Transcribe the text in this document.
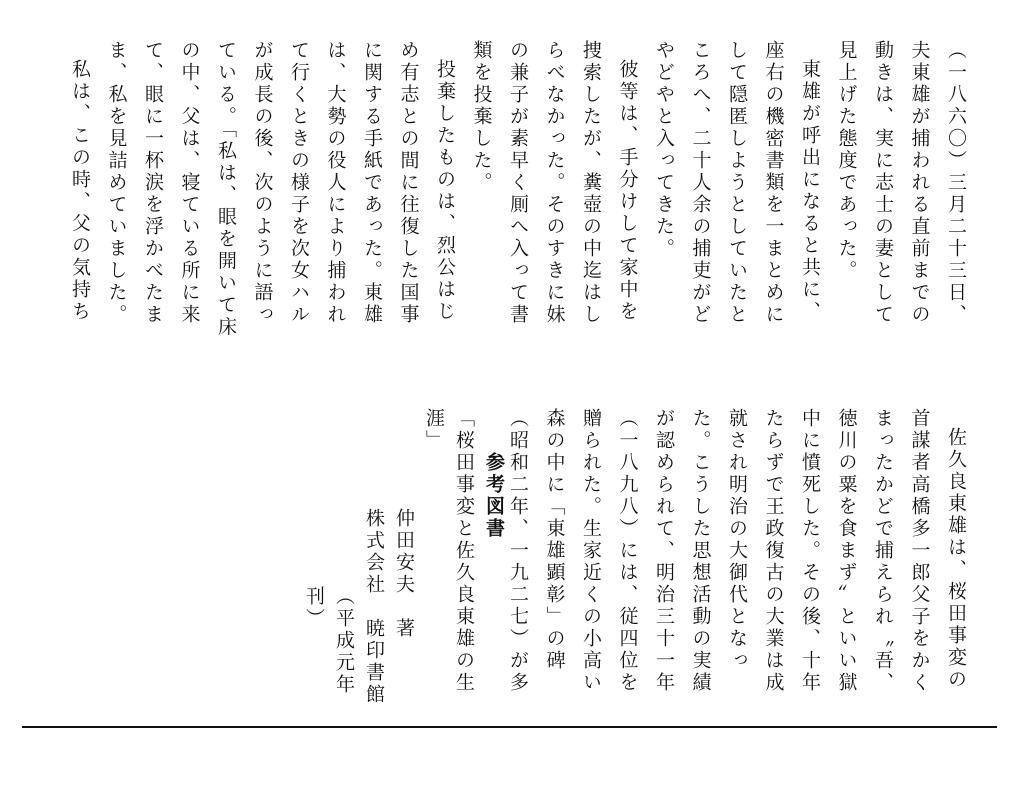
（一八六〇）三月二十三日、夫東雄が捕われる直前までの動きは、実に志士の妻として見上げた態度であった。
東雄が呼出になると共に、座右の機密書類を一まとめにして隠匿しようとしていたところへ、二十人余の捕吏がどやどやと入ってきた。
彼等は、手分けして家中を捜索したが、糞壺の中迄はしらべなかった。そのすきに妹の兼子が素早く厠へ入って書類を投棄した。
投棄したものは、烈公はじめ有志との間に往復した国事に関する手紙であった。東雄は、大勢の役人により捕われて行くときの様子を次女ハルが成長の後、次のように語っている。「私は、眼を開いて床の中、父は、寝ている所に来て、眼に一杯涙を浮かべたまま、私を見詰めていました。
私は、この時、父の気持ち
佐久良東雄は、桜田事変の首謀者高橋多一郎父子をかくまったかどで捕えられ〝吾、徳川の粟を食まず〟といい獄中に憤死した。その後、十年たらずで王政復古の大業は成就され明治の大御代となった。こうした思想活動の実績が認められて、明治三十一年（一八九八）には、従四位を贈られた。生家近くの小高い森の中に「東雄顕彰」の碑（昭和二年、一九二七）が多
参考図書
「桜田事変と佐久良東雄の生涯」
仲田安夫　著
株式会社　暁印書館
（平成元年刊）
